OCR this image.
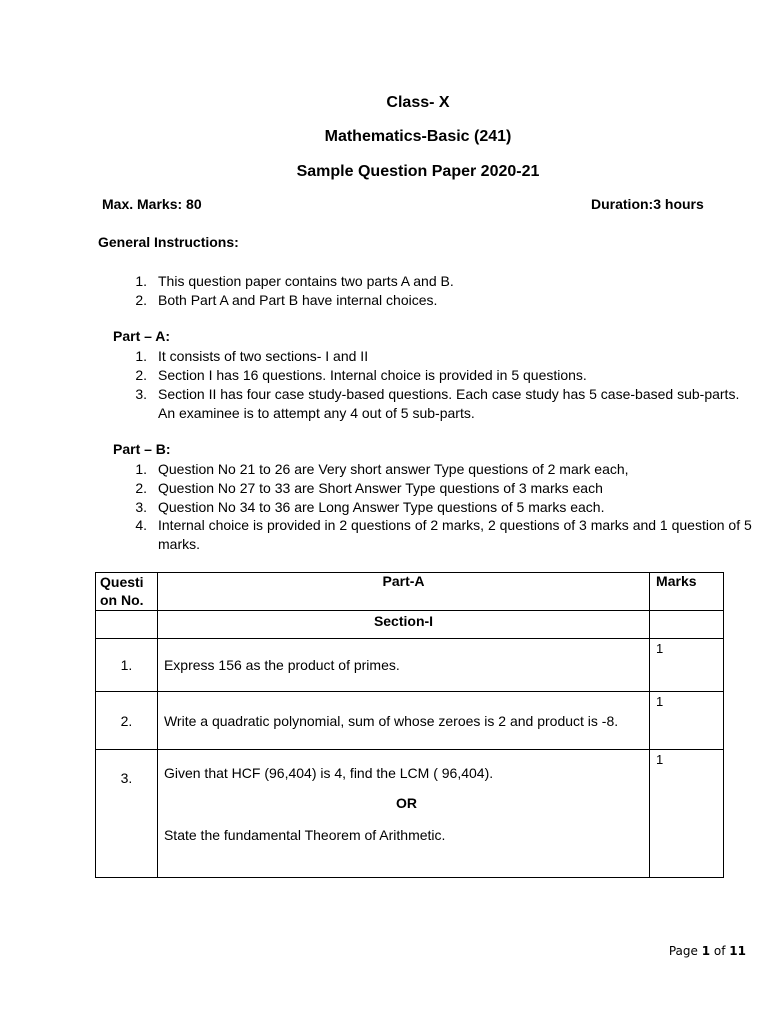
Class- X
Mathematics-Basic (241)
Sample Question Paper 2020-21
Max. Marks: 80	Duration:3 hours
General Instructions:
1. This question paper contains two parts A and B.
2. Both Part A and Part B have internal choices.
Part – A:
1. It consists of two sections- I and II
2. Section I has 16 questions. Internal choice is provided in 5 questions.
3. Section II has four case study-based questions. Each case study has 5 case-based sub-parts.
An examinee is to attempt any 4 out of 5 sub-parts.
Part – B:
1. Question No 21 to 26 are Very short answer Type questions of 2 mark each,
2. Question No 27 to 33 are Short Answer Type questions of 3 marks each
3. Question No 34 to 36 are Long Answer Type questions of 5 marks each.
4. Internal choice is provided in 2 questions of 2 marks, 2 questions of 3 marks and 1 question of 5
marks.
Questi
on No.	Part-A	Marks
	Section-I	
1.	Express 156 as the product of primes.	1
2.	Write a quadratic polynomial, sum of whose zeroes is 2 and product is -8.	1
3.	Given that HCF (96,404) is 4, find the LCM ( 96,404).
OR
State the fundamental Theorem of Arithmetic.	1
Page 1 of 11
